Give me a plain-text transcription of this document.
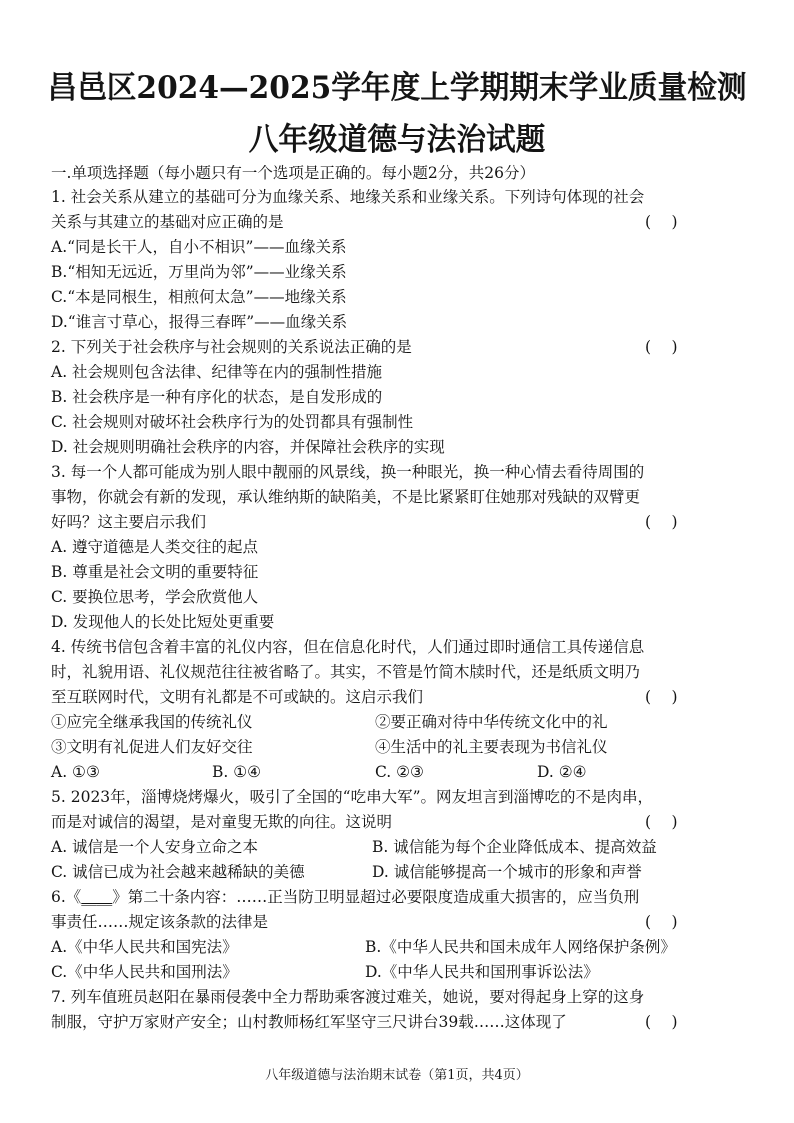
昌邑区2024—2025学年度上学期期末学业质量检测
八年级道德与法治试题
一.单项选择题（每小题只有一个选项是正确的。每小题2分，共26分）
1. 社会关系从建立的基础可分为血缘关系、地缘关系和业缘关系。下列诗句体现的社会
关系与其建立的基础对应正确的是	(　 )
A.“同是长干人，自小不相识”——血缘关系
B.“相知无远近，万里尚为邻”——业缘关系
C.“本是同根生，相煎何太急”——地缘关系
D.“谁言寸草心，报得三春晖”——血缘关系
2. 下列关于社会秩序与社会规则的关系说法正确的是	(　 )
A. 社会规则包含法律、纪律等在内的强制性措施
B. 社会秩序是一种有序化的状态，是自发形成的
C. 社会规则对破坏社会秩序行为的处罚都具有强制性
D. 社会规则明确社会秩序的内容，并保障社会秩序的实现
3. 每一个人都可能成为别人眼中靓丽的风景线，换一种眼光，换一种心情去看待周围的
事物，你就会有新的发现，承认维纳斯的缺陷美，不是比紧紧盯住她那对残缺的双臂更
好吗？这主要启示我们	(　 )
A. 遵守道德是人类交往的起点
B. 尊重是社会文明的重要特征
C. 要换位思考，学会欣赏他人
D. 发现他人的长处比短处更重要
4. 传统书信包含着丰富的礼仪内容，但在信息化时代，人们通过即时通信工具传递信息
时，礼貌用语、礼仪规范往往被省略了。其实，不管是竹简木牍时代，还是纸质文明乃
至互联网时代，文明有礼都是不可或缺的。这启示我们	(　 )
①应完全继承我国的传统礼仪	②要正确对待中华传统文化中的礼
③文明有礼促进人们友好交往	④生活中的礼主要表现为书信礼仪
A. ①③	B. ①④	C. ②③	D. ②④
5. 2023年，淄博烧烤爆火，吸引了全国的“吃串大军”。网友坦言到淄博吃的不是肉串，
而是对诚信的渴望，是对童叟无欺的向往。这说明	(　 )
A. 诚信是一个人安身立命之本	B. 诚信能为每个企业降低成本、提高效益
C. 诚信已成为社会越来越稀缺的美德	D. 诚信能够提高一个城市的形象和声誉
6.《____》第二十条内容：……正当防卫明显超过必要限度造成重大损害的，应当负刑
事责任……规定该条款的法律是	(　 )
A.《中华人民共和国宪法》	B.《中华人民共和国未成年人网络保护条例》
C.《中华人民共和国刑法》	D.《中华人民共和国刑事诉讼法》
7. 列车值班员赵阳在暴雨侵袭中全力帮助乘客渡过难关，她说，要对得起身上穿的这身
制服，守护万家财产安全；山村教师杨红军坚守三尺讲台39载……这体现了	(　 )
八年级道德与法治期末试卷（第1页，共4页）
